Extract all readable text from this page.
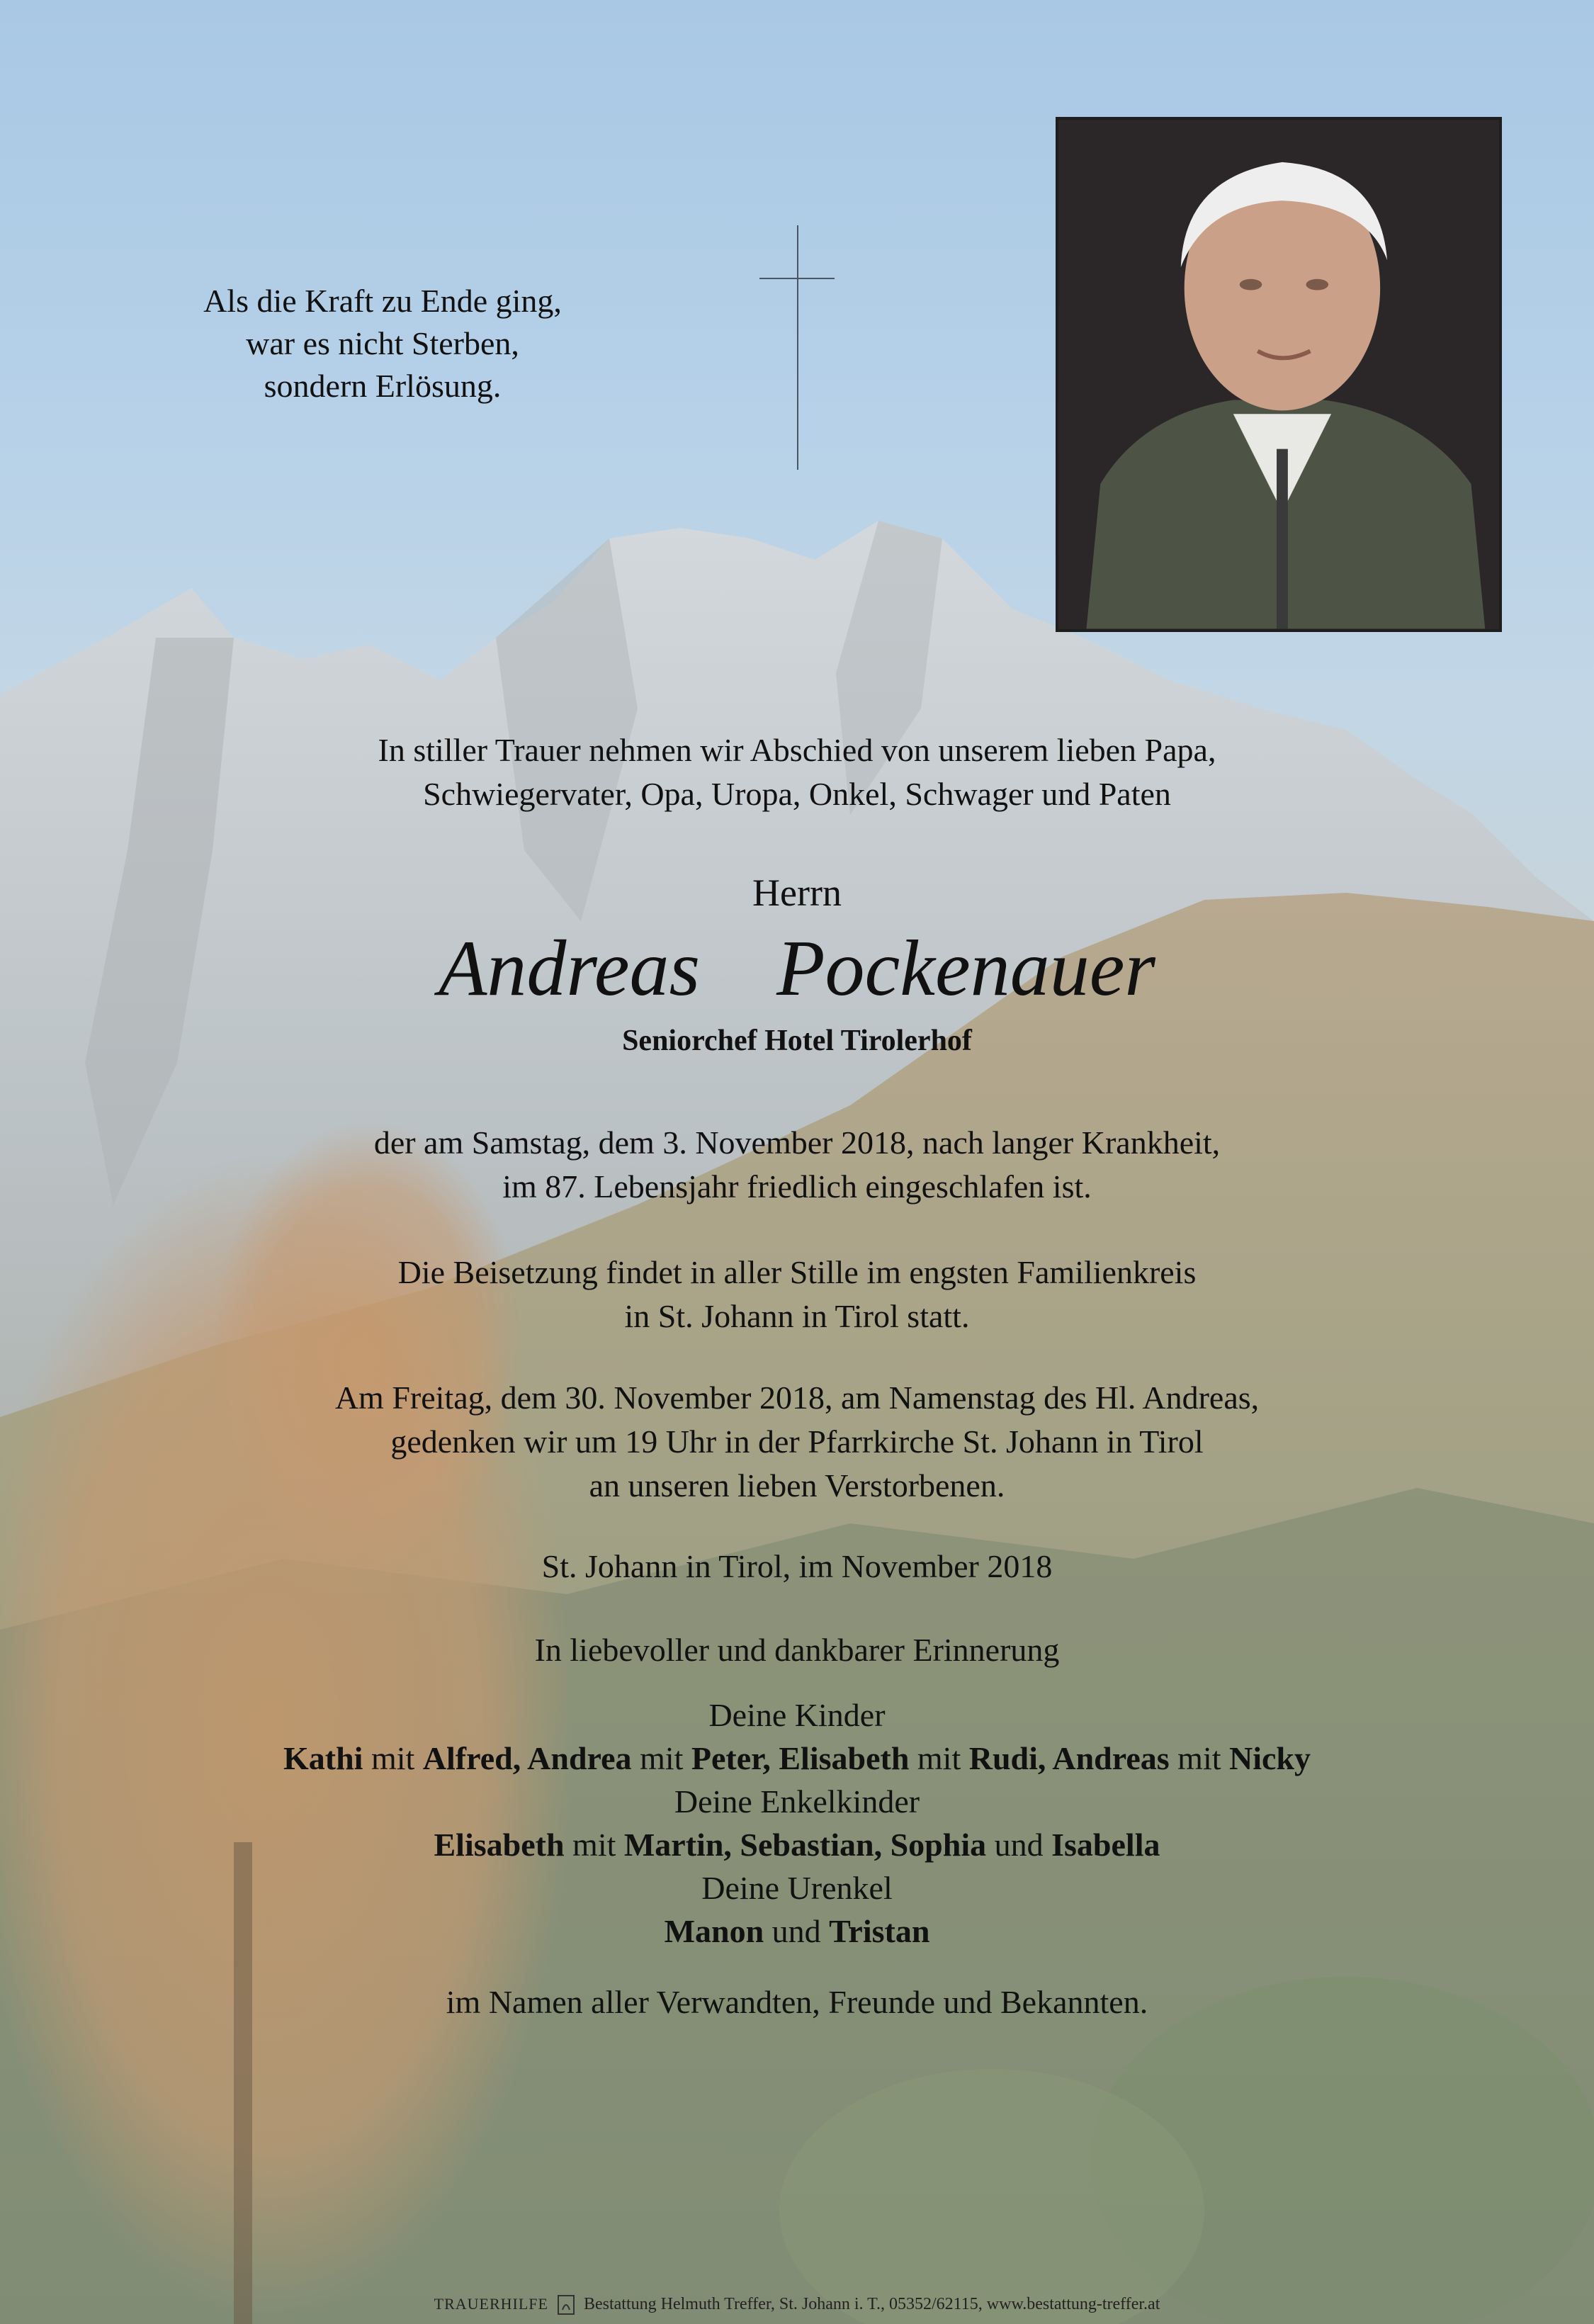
Als die Kraft zu Ende ging,
war es nicht Sterben,
sondern Erlösung.
In stiller Trauer nehmen wir Abschied von unserem lieben Papa,
Schwiegervater, Opa, Uropa, Onkel, Schwager und Paten
Herrn
Andreas  Pockenauer
Seniorchef Hotel Tirolerhof
der am Samstag, dem 3. November 2018, nach langer Krankheit,
im 87. Lebensjahr friedlich eingeschlafen ist.
Die Beisetzung findet in aller Stille im engsten Familienkreis
in St. Johann in Tirol statt.
Am Freitag, dem 30. November 2018, am Namenstag des Hl. Andreas,
gedenken wir um 19 Uhr in der Pfarrkirche St. Johann in Tirol
an unseren lieben Verstorbenen.
St. Johann in Tirol, im November 2018
In liebevoller und dankbarer Erinnerung
Deine Kinder
Kathi mit Alfred, Andrea mit Peter, Elisabeth mit Rudi, Andreas mit Nicky
Deine Enkelkinder
Elisabeth mit Martin, Sebastian, Sophia und Isabella
Deine Urenkel
Manon und Tristan
im Namen aller Verwandten, Freunde und Bekannten.
TRAUERHILFE Bestattung Helmuth Treffer, St. Johann i. T., 05352/62115, www.bestattung-treffer.at
